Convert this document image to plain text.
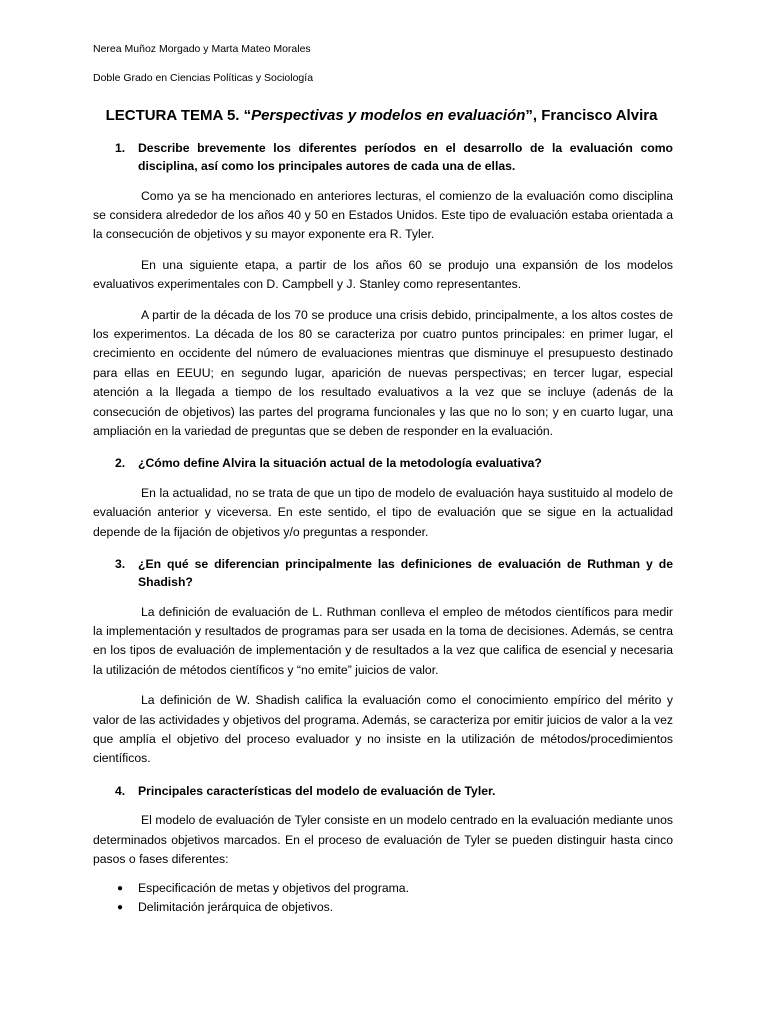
Nerea Muñoz Morgado y Marta Mateo Morales

Doble Grado en Ciencias Políticas y Sociología

LECTURA TEMA 5. “Perspectivas y modelos en evaluación”, Francisco Alvira
1.	Describe brevemente los diferentes períodos en el desarrollo de la evaluación como disciplina, así como los principales autores de cada una de ellas.

Como ya se ha mencionado en anteriores lecturas, el comienzo de la evaluación como disciplina se considera alrededor de los años 40 y 50 en Estados Unidos. Este tipo de evaluación estaba orientada a la consecución de objetivos y su mayor exponente era R. Tyler.

En una siguiente etapa, a partir de los años 60 se produjo una expansión de los modelos evaluativos experimentales con D. Campbell y J. Stanley como representantes.

A partir de la década de los 70 se produce una crisis debido, principalmente, a los altos costes de los experimentos. La década de los 80 se caracteriza por cuatro puntos principales: en primer lugar, el crecimiento en occidente del número de evaluaciones mientras que disminuye el presupuesto destinado para ellas en EEUU; en segundo lugar, aparición de nuevas perspectivas; en tercer lugar, especial atención a la llegada a tiempo de los resultado evaluativos a la vez que se incluye (adenás de la consecución de objetivos) las partes del programa funcionales y las que no lo son; y en cuarto lugar, una ampliación en la variedad de preguntas que se deben de responder en la evaluación.

2.	¿Cómo define Alvira la situación actual de la metodología evaluativa?

En la actualidad, no se trata de que un tipo de modelo de evaluación haya sustituido al modelo de evaluación anterior y viceversa. En este sentido, el tipo de evaluación que se sigue en la actualidad depende de la fijación de objetivos y/o preguntas a responder.

3.	¿En qué se diferencian principalmente las definiciones de evaluación de Ruthman y de Shadish?

La definición de evaluación de L. Ruthman conlleva el empleo de métodos científicos para medir la implementación y resultados de programas para ser usada en la toma de decisiones. Además, se centra en los tipos de evaluación de implementación y de resultados a la vez que califica de esencial y necesaria la utilización de métodos científicos y “no emite” juicios de valor.

La definición de W. Shadish califica la evaluación como el conocimiento empírico del mérito y valor de las actividades y objetivos del programa. Además, se caracteriza por emitir juicios de valor a la vez que amplía el objetivo del proceso evaluador y no insiste en la utilización de métodos/procedimientos científicos.

4.	Principales características del modelo de evaluación de Tyler.

El modelo de evaluación de Tyler consiste en un modelo centrado en la evaluación mediante unos determinados objetivos marcados. En el proceso de evaluación de Tyler se pueden distinguir hasta cinco pasos o fases diferentes:

●	Especificación de metas y objetivos del programa.
●	Delimitación jerárquica de objetivos.
